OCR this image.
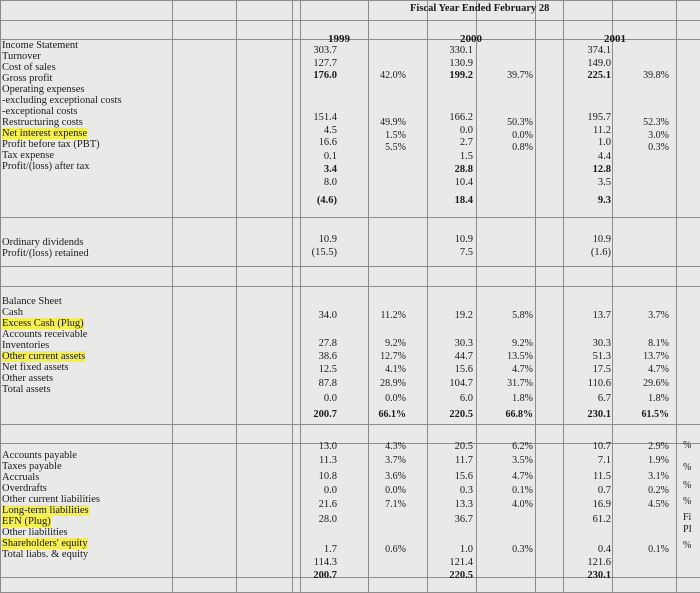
Fiscal Year Ended February 28
1999	2000	2001
Income Statement
Turnover
Cost of sales
Gross profit
Operating expenses
-excluding exceptional costs
-exceptional costs
Restructuring costs
Net interest expense
Profit before tax (PBT)
Tax expense
Profit/(loss) after tax
303.7
127.7
176.0
151.4
4.5
16.6
0.1
3.4
8.0
(4.6)
330.1
130.9
199.2
166.2
0.0
2.7
1.5
28.8
10.4
18.4
374.1
149.0
225.1
195.7
11.2
1.0
4.4
12.8
3.5
9.3
42.0%
49.9%
1.5%
5.5%
39.7%
50.3%
0.0%
0.8%
39.8%
52.3%
3.0%
0.3%
Ordinary dividends
Profit/(loss) retained
10.9
(15.5)
10.9
7.5
10.9
(1.6)
Balance Sheet
Cash
Excess Cash (Plug)
Accounts receivable
Inventories
Other current assets
Net fixed assets
Other assets
Total assets
34.0
27.8
38.6
12.5
87.8
0.0
200.7
19.2
30.3
44.7
15.6
104.7
6.0
220.5
13.7
30.3
51.3
17.5
110.6
6.7
230.1
11.2%
9.2%
12.7%
4.1%
28.9%
0.0%
66.1%
5.8%
9.2%
13.5%
4.7%
31.7%
1.8%
66.8%
3.7%
8.1%
13.7%
4.7%
29.6%
1.8%
61.5%
Accounts payable
Taxes payable
Accruals
Overdrafts
Other current liabilities
Long-term liabilities
EFN (Plug)
Other liabilities
Shareholders' equity
Total liabs. & equity
13.0
11.3
10.8
0.0
21.6
28.0
1.7
114.3
200.7
20.5
11.7
15.6
0.3
13.3
36.7
1.0
121.4
220.5
10.7
7.1
11.5
0.7
16.9
61.2
0.4
121.6
230.1
4.3%
3.7%
3.6%
0.0%
7.1%
0.6%
6.2%
3.5%
4.7%
0.1%
4.0%
0.3%
2.9%
1.9%
3.1%
0.2%
4.5%
0.1%
%
%
%
%
Fi
PI
%
